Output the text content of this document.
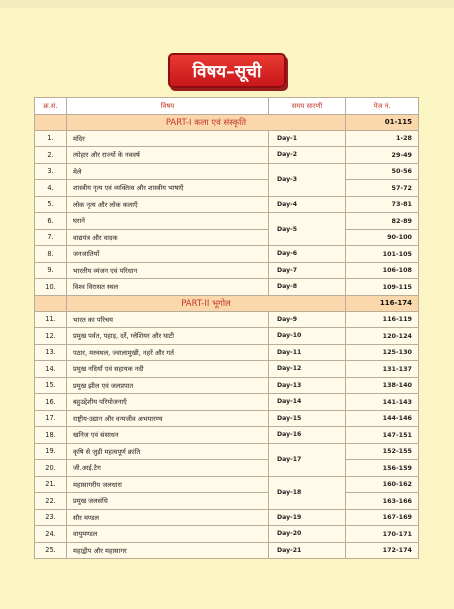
विषय–सूची
क्र.सं.	विषय	समय सारणी	पेज नं.
	PART-I कला एवं संस्कृति		01-115
1.	मंदिर	Day-1	1-28
2.	त्योहार और राज्यों के नववर्ष	Day-2	29-49
3.	मेले	Day-3	50-56
4.	शास्त्रीय नृत्य एवं व्यक्तित्व और शास्त्रीय भाषाएँ		57-72
5.	लोक नृत्य और लोक कलाएँ	Day-4	73-81
6.	घराने	Day-5	82-89
7.	वाद्ययंत्र और वादक		90-100
8.	जनजातियाँ	Day-6	101-105
9.	भारतीय व्यंजन एवं परिधान	Day-7	106-108
10.	विश्व विरासत स्थल	Day-8	109-115
	PART-II भूगोल		116-174
11.	भारत का परिचय	Day-9	116-119
12.	प्रमुख पर्वत, पहाड़, दर्रे, ग्लेशियर और घाटी	Day-10	120-124
13.	पठार, मरुस्थल, ज्वालामुखी, नहरें और गर्त	Day-11	125-130
14.	प्रमुख नदियाँ एवं सहायक नदी	Day-12	131-137
15.	प्रमुख झील एवं जलप्रपात	Day-13	138-140
16.	बहुउद्देशीय परियोजनाएँ	Day-14	141-143
17.	राष्ट्रीय-उद्यान और वन्यजीव अभयारण्य	Day-15	144-146
18.	खनिज एवं संसाधन	Day-16	147-151
19.	कृषि से जुड़ी महत्वपूर्ण क्रांति	Day-17	152-155
20.	जी.आई.टैग		156-159
21.	महासागरीय जलधारा	Day-18	160-162
22.	प्रमुख जलसंधि		163-166
23.	सौर मण्डल	Day-19	167-169
24.	वायुमण्डल	Day-20	170-171
25.	महाद्वीप और महासागर	Day-21	172-174
